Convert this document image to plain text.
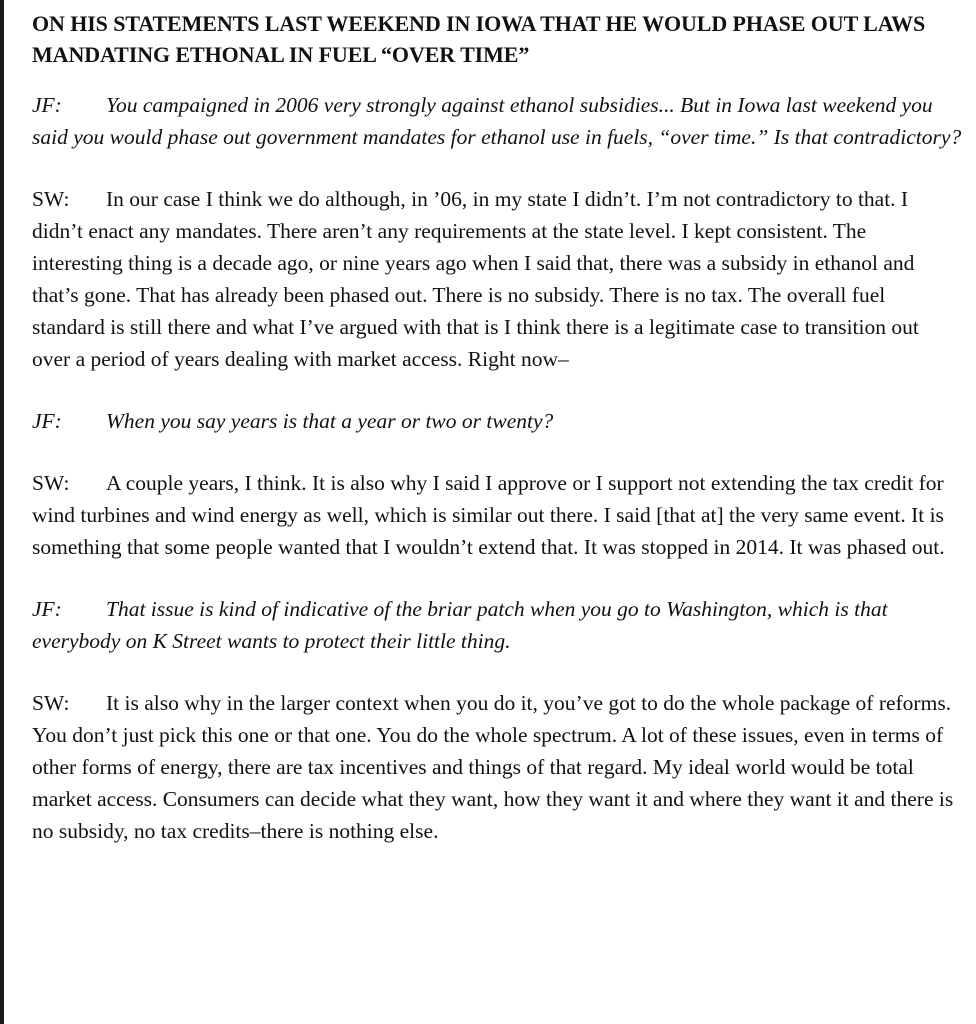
ON HIS STATEMENTS LAST WEEKEND IN IOWA THAT HE WOULD PHASE OUT LAWS MANDATING ETHONAL IN FUEL “OVER TIME”
JF: You campaigned in 2006 very strongly against ethanol subsidies... But in Iowa last weekend you said you would phase out government mandates for ethanol use in fuels, “over time.” Is that contradictory?
SW: In our case I think we do although, in ’06, in my state I didn’t. I’m not contradictory to that. I didn’t enact any mandates. There aren’t any requirements at the state level. I kept consistent. The interesting thing is a decade ago, or nine years ago when I said that, there was a subsidy in ethanol and that’s gone. That has already been phased out. There is no subsidy. There is no tax. The overall fuel standard is still there and what I’ve argued with that is I think there is a legitimate case to transition out over a period of years dealing with market access. Right now–
JF: When you say years is that a year or two or twenty?
SW: A couple years, I think. It is also why I said I approve or I support not extending the tax credit for wind turbines and wind energy as well, which is similar out there. I said [that at] the very same event. It is something that some people wanted that I wouldn’t extend that. It was stopped in 2014. It was phased out.
JF: That issue is kind of indicative of the briar patch when you go to Washington, which is that everybody on K Street wants to protect their little thing.
SW: It is also why in the larger context when you do it, you’ve got to do the whole package of reforms. You don’t just pick this one or that one. You do the whole spectrum. A lot of these issues, even in terms of other forms of energy, there are tax incentives and things of that regard. My ideal world would be total market access. Consumers can decide what they want, how they want it and where they want it and there is no subsidy, no tax credits–there is nothing else.
